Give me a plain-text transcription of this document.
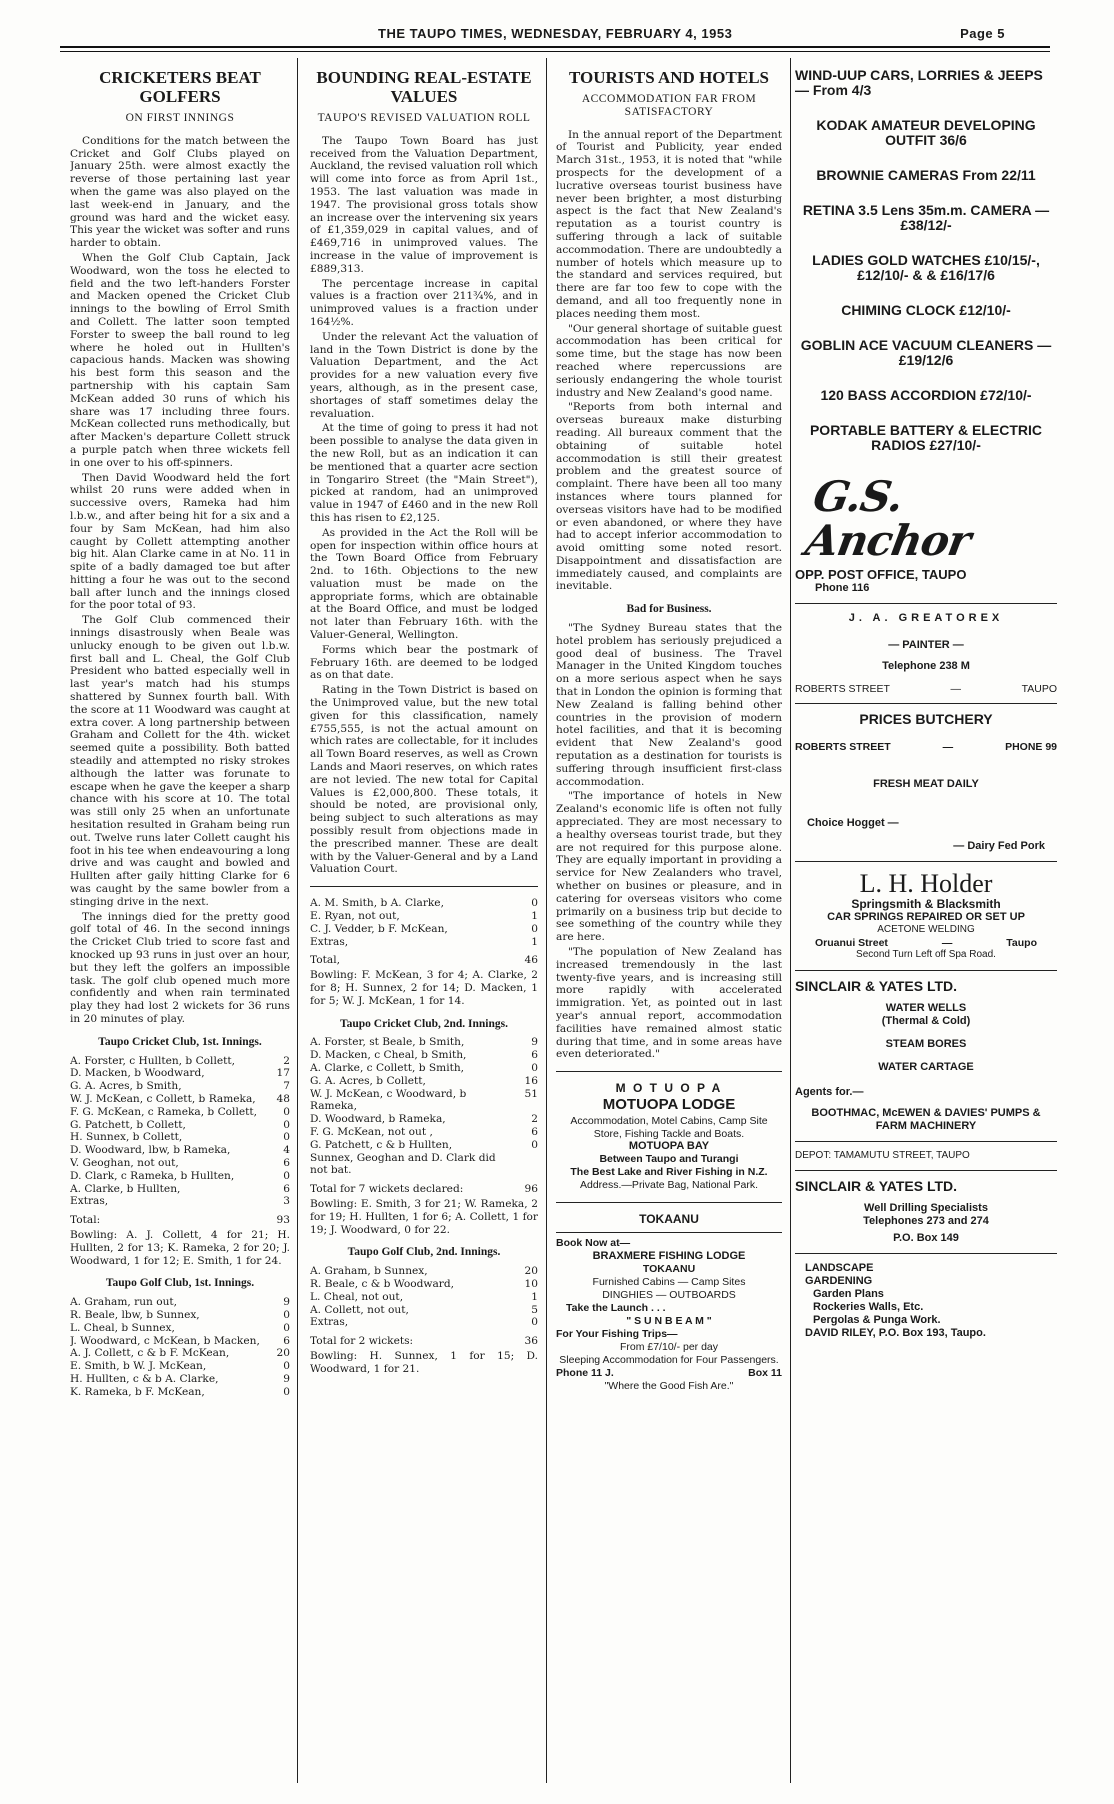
THE TAUPO TIMES, WEDNESDAY, FEBRUARY 4, 1953	Page 5
CRICKETERS BEAT GOLFERS
ON FIRST INNINGS

Conditions for the match between the Cricket and Golf Clubs played on January 25th. were almost exactly the reverse of those pertaining last year when the game was also played on the last week-end in January, and the ground was hard and the wicket easy. This year the wicket was softer and runs harder to obtain.

When the Golf Club Captain, Jack Woodward, won the toss he elected to field and the two left-handers Forster and Macken opened the Cricket Club innings to the bowling of Errol Smith and Collett. The latter soon tempted Forster to sweep the ball round to leg where he holed out in Hullten's capacious hands. Macken was showing his best form this season and the partnership with his captain Sam McKean added 30 runs of which his share was 17 including three fours. McKean collected runs methodically, but after Macken's departure Collett struck a purple patch when three wickets fell in one over to his off-spinners.

Then David Woodward held the fort whilst 20 runs were added when in successive overs, Rameka had him l.b.w., and after being hit for a six and a four by Sam McKean, had him also caught by Collett attempting another big hit. Alan Clarke came in at No. 11 in spite of a badly damaged toe but after hitting a four he was out to the second ball after lunch and the innings closed for the poor total of 93.

The Golf Club commenced their innings disastrously when Beale was unlucky enough to be given out l.b.w. first ball and L. Cheal, the Golf Club President who batted especially well in last year's match had his stumps shattered by Sunnex fourth ball. With the score at 11 Woodward was caught at extra cover. A long partnership between Graham and Collett for the 4th. wicket seemed quite a possibility. Both batted steadily and attempted no risky strokes although the latter was forunate to escape when he gave the keeper a sharp chance with his score at 10. The total was still only 25 when an unfortunate hesitation resulted in Graham being run out. Twelve runs later Collett caught his foot in his tee when endeavouring a long drive and was caught and bowled and Hullten after gaily hitting Clarke for 6 was caught by the same bowler from a stinging drive in the next.

The innings died for the pretty good golf total of 46. In the second innings the Cricket Club tried to score fast and knocked up 93 runs in just over an hour, but they left the golfers an impossible task. The golf club opened much more confidently and when rain terminated play they had lost 2 wickets for 36 runs in 20 minutes of play.

Taupo Cricket Club, 1st. Innings.
A. Forster, c Hullten, b Collett,	2
D. Macken, b Woodward,	17
G. A. Acres, b Smith,	7
W. J. McKean, c Collett, b Rameka,	48
F. G. McKean, c Rameka, b Collett,	0
G. Patchett, b Collett,	0
H. Sunnex, b Collett,	0
D. Woodward, lbw, b Rameka,	4
V. Geoghan, not out,	6
D. Clark, c Rameka, b Hullten,	0
A. Clarke, b Hullten,	6
Extras,	3
Total:	93
Bowling: A. J. Collett, 4 for 21; H. Hullten, 2 for 13; K. Rameka, 2 for 20; J. Woodward, 1 for 12; E. Smith, 1 for 24.
Taupo Golf Club, 1st. Innings.
A. Graham, run out,	9
R. Beale, lbw, b Sunnex,	0

L. Cheal, b Sunnex,	0
J. Woodward, c McKean, b Macken,	6
A. J. Collett, c & b F. McKean,	20
E. Smith, b W. J. McKean,	0
H. Hullten, c & b A. Clarke,	9
K. Rameka, b F. McKean,	0
BOUNDING REAL-ESTATE VALUES
TAUPO'S REVISED VALUATION ROLL

The Taupo Town Board has just received from the Valuation Department, Auckland, the revised valuation roll which will come into force as from April 1st., 1953. The last valuation was made in 1947. The provisional gross totals show an increase over the intervening six years of £1,359,029 in capital values, and of £469,716 in unimproved values. The increase in the value of improvement is £889,313.

The percentage increase in capital values is a fraction over 211¾%, and in unimproved values is a fraction under 164½%.

Under the relevant Act the valuation of land in the Town District is done by the Valuation Department, and the Act provides for a new valuation every five years, although, as in the present case, shortages of staff sometimes delay the revaluation.

At the time of going to press it had not been possible to analyse the data given in the new Roll, but as an indication it can be mentioned that a quarter acre section in Tongariro Street (the "Main Street"), picked at random, had an unimproved value in 1947 of £460 and in the new Roll this has risen to £2,125.

As provided in the Act the Roll will be open for inspection within office hours at the Town Board Office from February 2nd. to 16th. Objections to the new valuation must be made on the appropriate forms, which are obtainable at the Board Office, and must be lodged not later than February 16th. with the Valuer-General, Wellington.

Forms which bear the postmark of February 16th. are deemed to be lodged as on that date.

Rating in the Town District is based on the Unimproved value, but the new total given for this classification, namely £755,555, is not the actual amount on which rates are collectable, for it includes all Town Board reserves, as well as Crown Lands and Maori reserves, on which rates are not levied. The new total for Capital Values is £2,000,800. These totals, it should be noted, are provisional only, being subject to such alterations as may possibly result from objections made in the prescribed manner. These are dealt with by the Valuer-General and by a Land Valuation Court.

A. M. Smith, b A. Clarke,	0
E. Ryan, not out,	1
C. J. Vedder, b F. McKean,	0
Extras,	1
Total,	46
Bowling: F. McKean, 3 for 4; A. Clarke, 2 for 8; H. Sunnex, 2 for 14; D. Macken, 1 for 5; W. J. McKean, 1 for 14.
Taupo Cricket Club, 2nd. Innings.
A. Forster, st Beale, b Smith,	9
D. Macken, c Cheal, b Smith,	6
A. Clarke, c Collett, b Smith,	0
G. A. Acres, b Collett,	16
W. J. McKean, c Woodward, b Rameka,	51
D. Woodward, b Rameka,	2
F. G. McKean, not out ,	6
G. Patchett, c & b Hullten,	0
Sunnex, Geoghan and D. Clark did not bat.	
Total for 7 wickets declared:	96
Bowling: E. Smith, 3 for 21; W. Rameka, 2 for 19; H. Hullten, 1 for 6; A. Collett, 1 for 19; J. Woodward, 0 for 22.
Taupo Golf Club, 2nd. Innings.
A. Graham, b Sunnex,	20
R. Beale, c & b Woodward,	10
L. Cheal, not out,	1
A. Collett, not out,	5
Extras,	0
Total for 2 wickets:	36
Bowling: H. Sunnex, 1 for 15; D. Woodward, 1 for 21.
TOURISTS AND HOTELS
ACCOMMODATION FAR FROM SATISFACTORY

In the annual report of the Department of Tourist and Publicity, year ended March 31st., 1953, it is noted that "while prospects for the development of a lucrative overseas tourist business have never been brighter, a most disturbing aspect is the fact that New Zealand's reputation as a tourist country is suffering through a lack of suitable accommodation. There are undoubtedly a number of hotels which measure up to the standard and services required, but there are far too few to cope with the demand, and all too frequently none in places needing them most.

"Our general shortage of suitable guest accommodation has been critical for some time, but the stage has now been reached where repercussions are seriously endangering the whole tourist industry and New Zealand's good name.

"Reports from both internal and overseas bureaux make disturbing reading. All bureaux comment that the obtaining of suitable hotel accommodation is still their greatest problem and the greatest source of complaint. There have been all too many instances where tours planned for overseas visitors have had to be modified or even abandoned, or where they have had to accept inferior accommodation to avoid omitting some noted resort. Disappointment and dissatisfaction are immediately caused, and complaints are inevitable.

Bad for Business.

"The Sydney Bureau states that the hotel problem has seriously prejudiced a good deal of business. The Travel Manager in the United Kingdom touches on a more serious aspect when he says that in London the opinion is forming that New Zealand is falling behind other countries in the provision of modern hotel facilities, and that it is becoming evident that New Zealand's good reputation as a destination for tourists is suffering through insufficient first-class accommodation.

"The importance of hotels in New Zealand's economic life is often not fully appreciated. They are most necessary to a healthy overseas tourist trade, but they are not required for this purpose alone. They are equally important in providing a service for New Zealanders who travel, whether on busines or pleasure, and in catering for overseas visitors who come primarily on a business trip but decide to see something of the country while they are here.

"The population of New Zealand has increased tremendously in the last twenty-five years, and is increasing still more rapidly with accelerated immigration. Yet, as pointed out in last year's annual report, accommodation facilities have remained almost static during that time, and in some areas have even deteriorated."

M O T U O P A
MOTUOPA LODGE
Accommodation, Motel Cabins, Camp Site Store, Fishing Tackle and Boats.
MOTUOPA BAY
Between Taupo and Turangi
The Best Lake and River Fishing in N.Z.
Address.—Private Bag, National Park.
TOKAANU
Book Now at—
BRAXMERE FISHING LODGE
TOKAANU
Furnished Cabins — Camp Sites
DINGHIES — OUTBOARDS
Take the Launch . . .
" S U N B E A M "
For Your Fishing Trips—
From £7/10/- per day
Sleeping Accommodation for Four Passengers.
Phone 11 J.	Box 11
"Where the Good Fish Are."
WIND-UUP CARS, LORRIES & JEEPS — From 4/3
KODAK AMATEUR DEVELOPING OUTFIT 36/6
BROWNIE CAMERAS From 22/11
RETINA 3.5 Lens 35m.m. CAMERA — £38/12/-
LADIES GOLD WATCHES £10/15/-, £12/10/- & & £16/17/6
CHIMING CLOCK £12/10/-
GOBLIN ACE VACUUM CLEANERS — £19/12/6
120 BASS ACCORDION £72/10/-
PORTABLE BATTERY & ELECTRIC RADIOS £27/10/-
G.S. Anchor
OPP. POST OFFICE, TAUPO
Phone 116
J. A. GREATOREX
— PAINTER —
Telephone 238 M
ROBERTS STREET	—	TAUPO
PRICES BUTCHERY
ROBERTS STREET	—	PHONE 99
FRESH MEAT DAILY
Choice Hogget —
— Dairy Fed Pork
L. H. Holder
Springsmith & Blacksmith
CAR SPRINGS REPAIRED OR SET UP
ACETONE WELDING
Oruanui Street	—	Taupo
Second Turn Left off Spa Road.
SINCLAIR & YATES LTD.
WATER WELLS
(Thermal & Cold)
STEAM BORES
WATER CARTAGE
Agents for.—
BOOTHMAC, McEWEN & DAVIES' PUMPS & FARM MACHINERY
DEPOT: TAMAMUTU STREET, TAUPO
SINCLAIR & YATES LTD.
Well Drilling Specialists
Telephones 273 and 274
P.O. Box 149
LANDSCAPE
GARDENING
Garden Plans
Rockeries Walls, Etc.
Pergolas & Punga Work.
DAVID RILEY, P.O. Box 193, Taupo.
